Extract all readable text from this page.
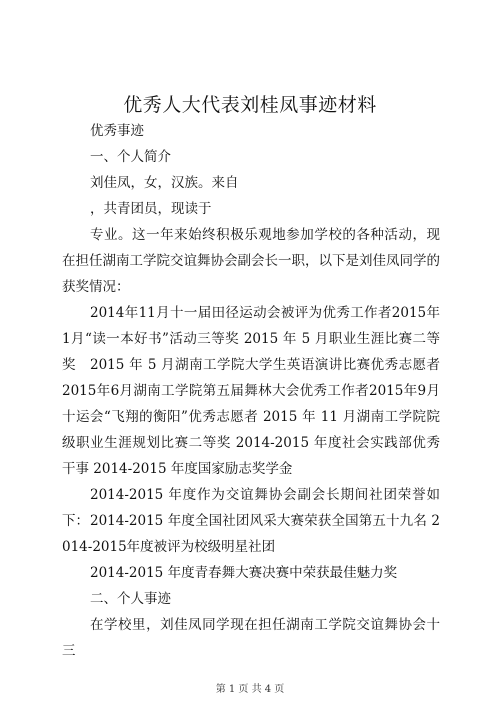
优秀人大代表刘桂凤事迹材料
优秀事迹
一、个人简介
刘佳凤，女，汉族。来自
，共青团员，现读于
专业。这一年来始终积极乐观地参加学校的各种活动，现在担任湖南工学院交谊舞协会副会长一职，以下是刘佳凤同学的获奖情况：
2014年11月十一届田径运动会被评为优秀工作者2015年1月“读一本好书”活动三等奖 2015 年 5 月职业生涯比赛二等奖	2015 年 5 月湖南工学院大学生英语演讲比赛优秀志愿者 2015年6月湖南工学院第五届舞林大会优秀工作者2015年9月十运会“飞翔的衡阳”优秀志愿者 2015 年 11 月湖南工学院院级职业生涯规划比赛二等奖 2014-2015 年度社会实践部优秀干事 2014-2015 年度国家励志奖学金
2014-2015 年度作为交谊舞协会副会长期间社团荣誉如下： 2014-2015 年度全国社团风采大赛荣获全国第五十九名 2014-2015年度被评为校级明星社团
2014-2015 年度青春舞大赛决赛中荣获最佳魅力奖
二、个人事迹
在学校里，刘佳凤同学现在担任湖南工学院交谊舞协会十三
第 1 页 共 4 页
